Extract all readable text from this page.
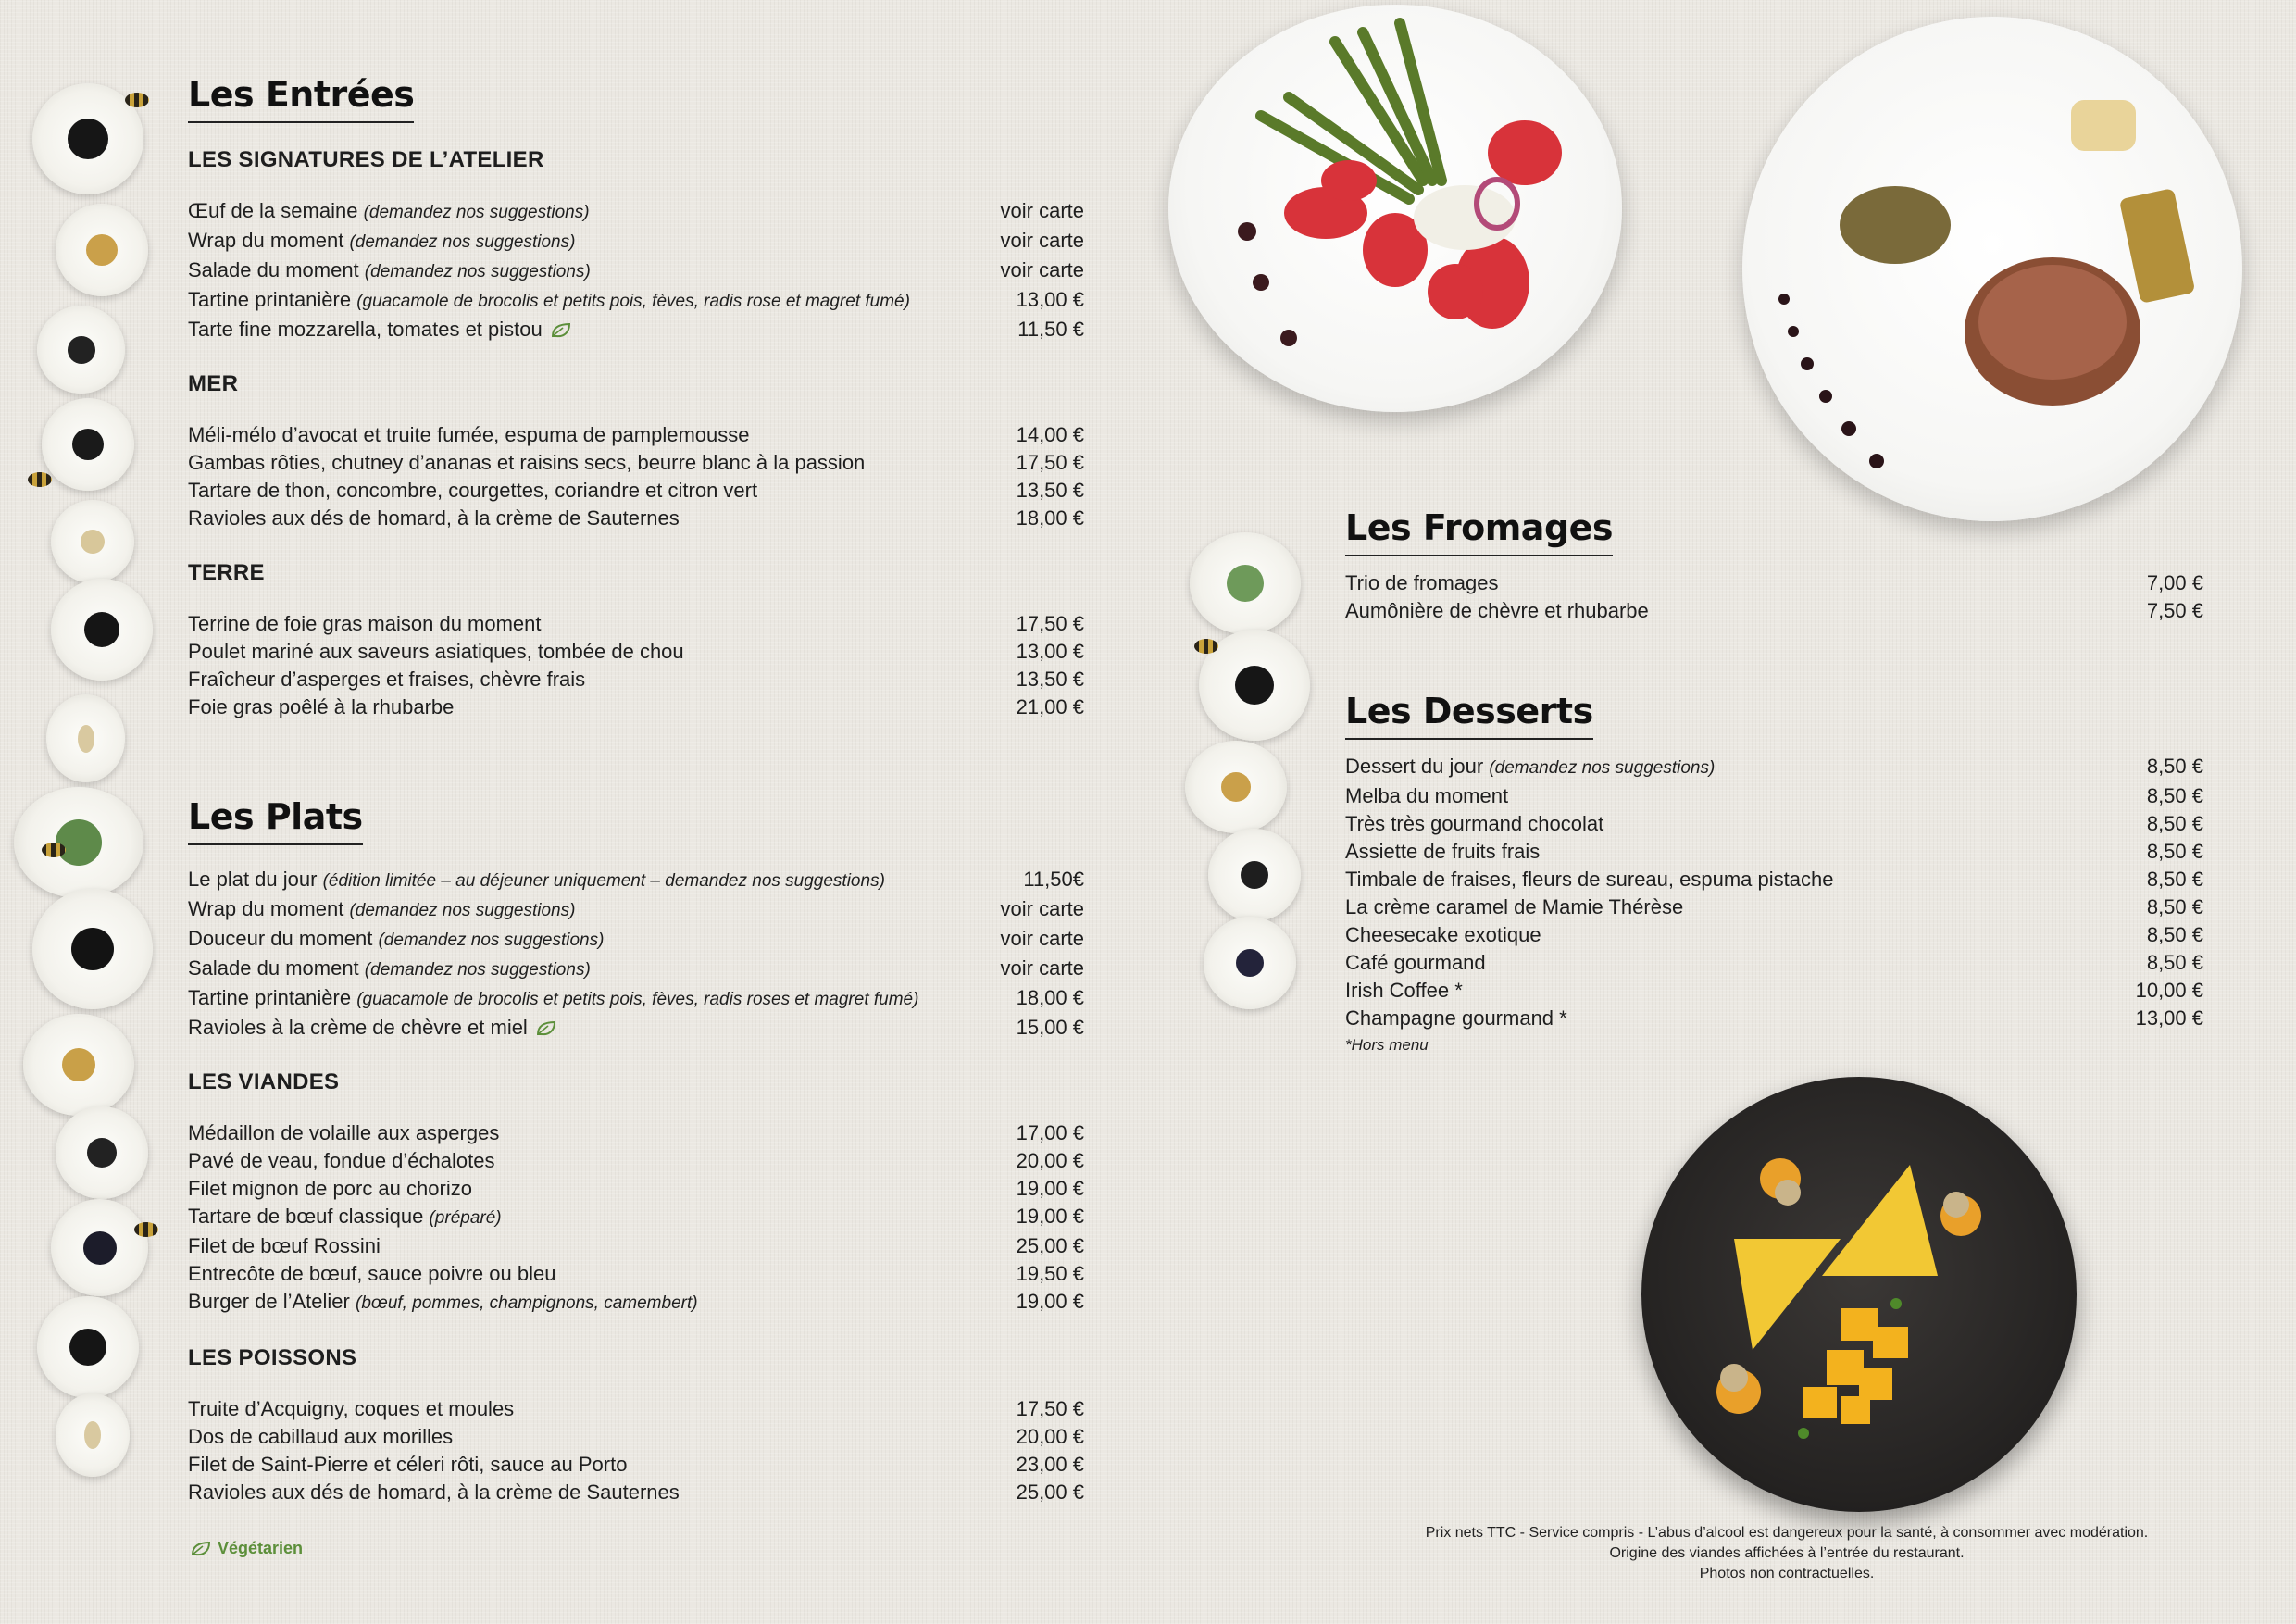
Les Entrées
LES SIGNATURES DE L’ATELIER
Œuf de la semaine (demandez nos suggestions)	voir carte
Wrap du moment (demandez nos suggestions)	voir carte
Salade du moment (demandez nos suggestions)	voir carte
Tartine printanière (guacamole de brocolis et petits pois, fèves, radis rose et magret fumé)	13,00 €
Tarte fine mozzarella, tomates et pistou	11,50 €
MER
Méli-mélo d’avocat et truite fumée, espuma de pamplemousse	14,00 €
Gambas rôties, chutney d’ananas et raisins secs, beurre blanc à la passion	17,50 €
Tartare de thon, concombre, courgettes, coriandre et citron vert	13,50 €
Ravioles aux dés de homard, à la crème de Sauternes	18,00 €
TERRE
Terrine de foie gras maison du moment	17,50 €
Poulet mariné aux saveurs asiatiques, tombée de chou	13,00 €
Fraîcheur d’asperges et fraises, chèvre frais	13,50 €
Foie gras poêlé à la rhubarbe	21,00 €
Les Plats
Le plat du jour (édition limitée – au déjeuner uniquement – demandez nos suggestions)	11,50€
Wrap du moment (demandez nos suggestions)	voir carte
Douceur du moment (demandez nos suggestions)	voir carte
Salade du moment (demandez nos suggestions)	voir carte
Tartine printanière (guacamole de brocolis et petits pois, fèves, radis roses et magret fumé)	18,00 €
Ravioles à la crème de chèvre et miel	15,00 €
LES VIANDES
Médaillon de volaille aux asperges	17,00 €
Pavé de veau, fondue d’échalotes	20,00 €
Filet mignon de porc au chorizo	19,00 €
Tartare de bœuf classique (préparé)	19,00 €
Filet de bœuf Rossini	25,00 €
Entrecôte de bœuf, sauce poivre ou bleu	19,50 €
Burger de l’Atelier (bœuf, pommes, champignons, camembert)	19,00 €
LES POISSONS
Truite d’Acquigny, coques et moules	17,50 €
Dos de cabillaud aux morilles	20,00 €
Filet de Saint-Pierre et céleri rôti, sauce au Porto	23,00 €
Ravioles aux dés de homard, à la crème de Sauternes	25,00 €
Végétarien
Les Fromages
Trio de fromages	7,00 €
Aumônière de chèvre et rhubarbe	7,50 €
Les Desserts
Dessert du jour (demandez nos suggestions)	8,50 €
Melba du moment	8,50 €
Très très gourmand chocolat	8,50 €
Assiette de fruits frais	8,50 €
Timbale de fraises, fleurs de sureau, espuma pistache	8,50 €
La crème caramel de Mamie Thérèse	8,50 €
Cheesecake exotique	8,50 €
Café gourmand	8,50 €
Irish Coffee *	10,00 €
Champagne gourmand *	13,00 €
*Hors menu
Prix nets TTC - Service compris - L’abus d’alcool est dangereux pour la santé, à consommer avec modération.
Origine des viandes affichées à l’entrée du restaurant.
Photos non contractuelles.
